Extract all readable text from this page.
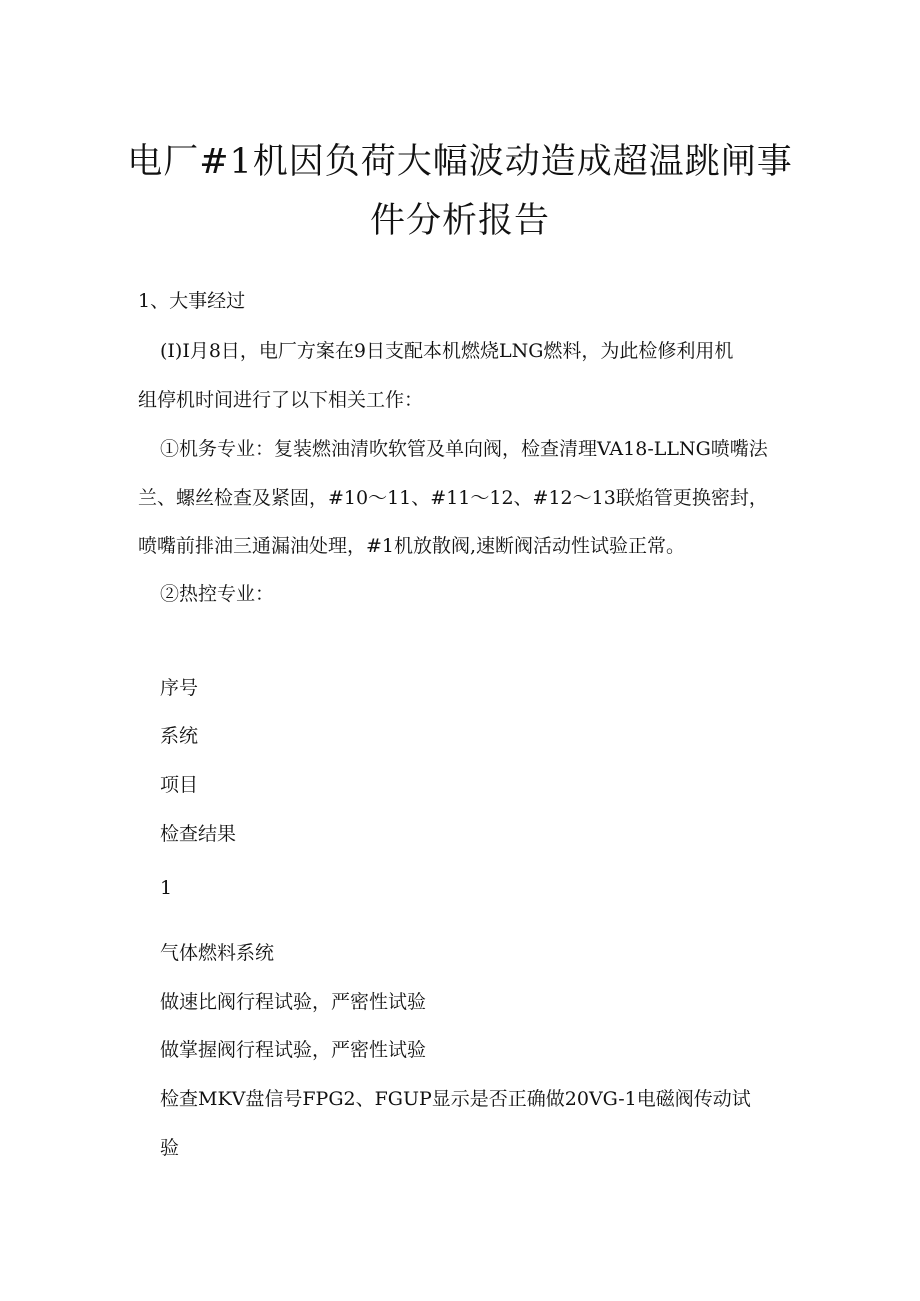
电厂#1机因负荷大幅波动造成超温跳闸事
件分析报告

1、大事经过

(I)I月8日，电厂方案在9日支配本机燃烧LNG燃料，为此检修利用机

组停机时间进行了以下相关工作：

①机务专业：复装燃油清吹软管及单向阀，检查清理VA18-LLNG喷嘴法

兰、螺丝检查及紧固，#10～11、#11～12、#12～13联焰管更换密封，

喷嘴前排油三通漏油处理，#1机放散阀,速断阀活动性试验正常。

②热控专业：

序号

系统

项目

检查结果

1

气体燃料系统

做速比阀行程试验，严密性试验

做掌握阀行程试验，严密性试验

检查MKV盘信号FPG2、FGUP显示是否正确做20VG-1电磁阀传动试

验
